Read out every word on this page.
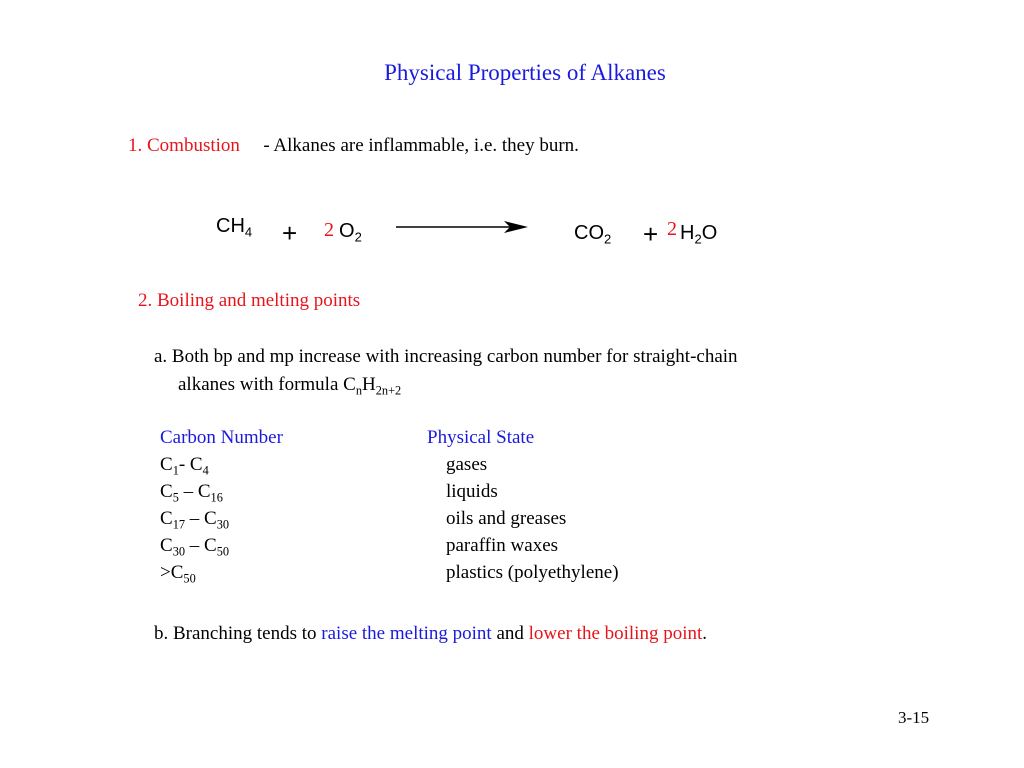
Physical Properties of Alkanes
1. Combustion - Alkanes are inflammable, i.e. they burn.
$CH_4 + 2$ $O_2$	$CO_2 + 2$ $H_2O$
2. Boiling and melting points
a. Both bp and mp increase with increasing carbon number for straight-chain
alkanes with formula $C_nH_{2n+2}$
Carbon Number	Physical State
$C_1-$ $C_4$	gases
$C_5 - C_{16}$	liquids
$C_{17} - C_{30}$	oils and greases
$C_{30} - C_{50}$	paraffin waxes
$>C_{50}$	plastics (polyethylene)
b. Branching tends to raise the melting point and lower the boiling point.
3-15
